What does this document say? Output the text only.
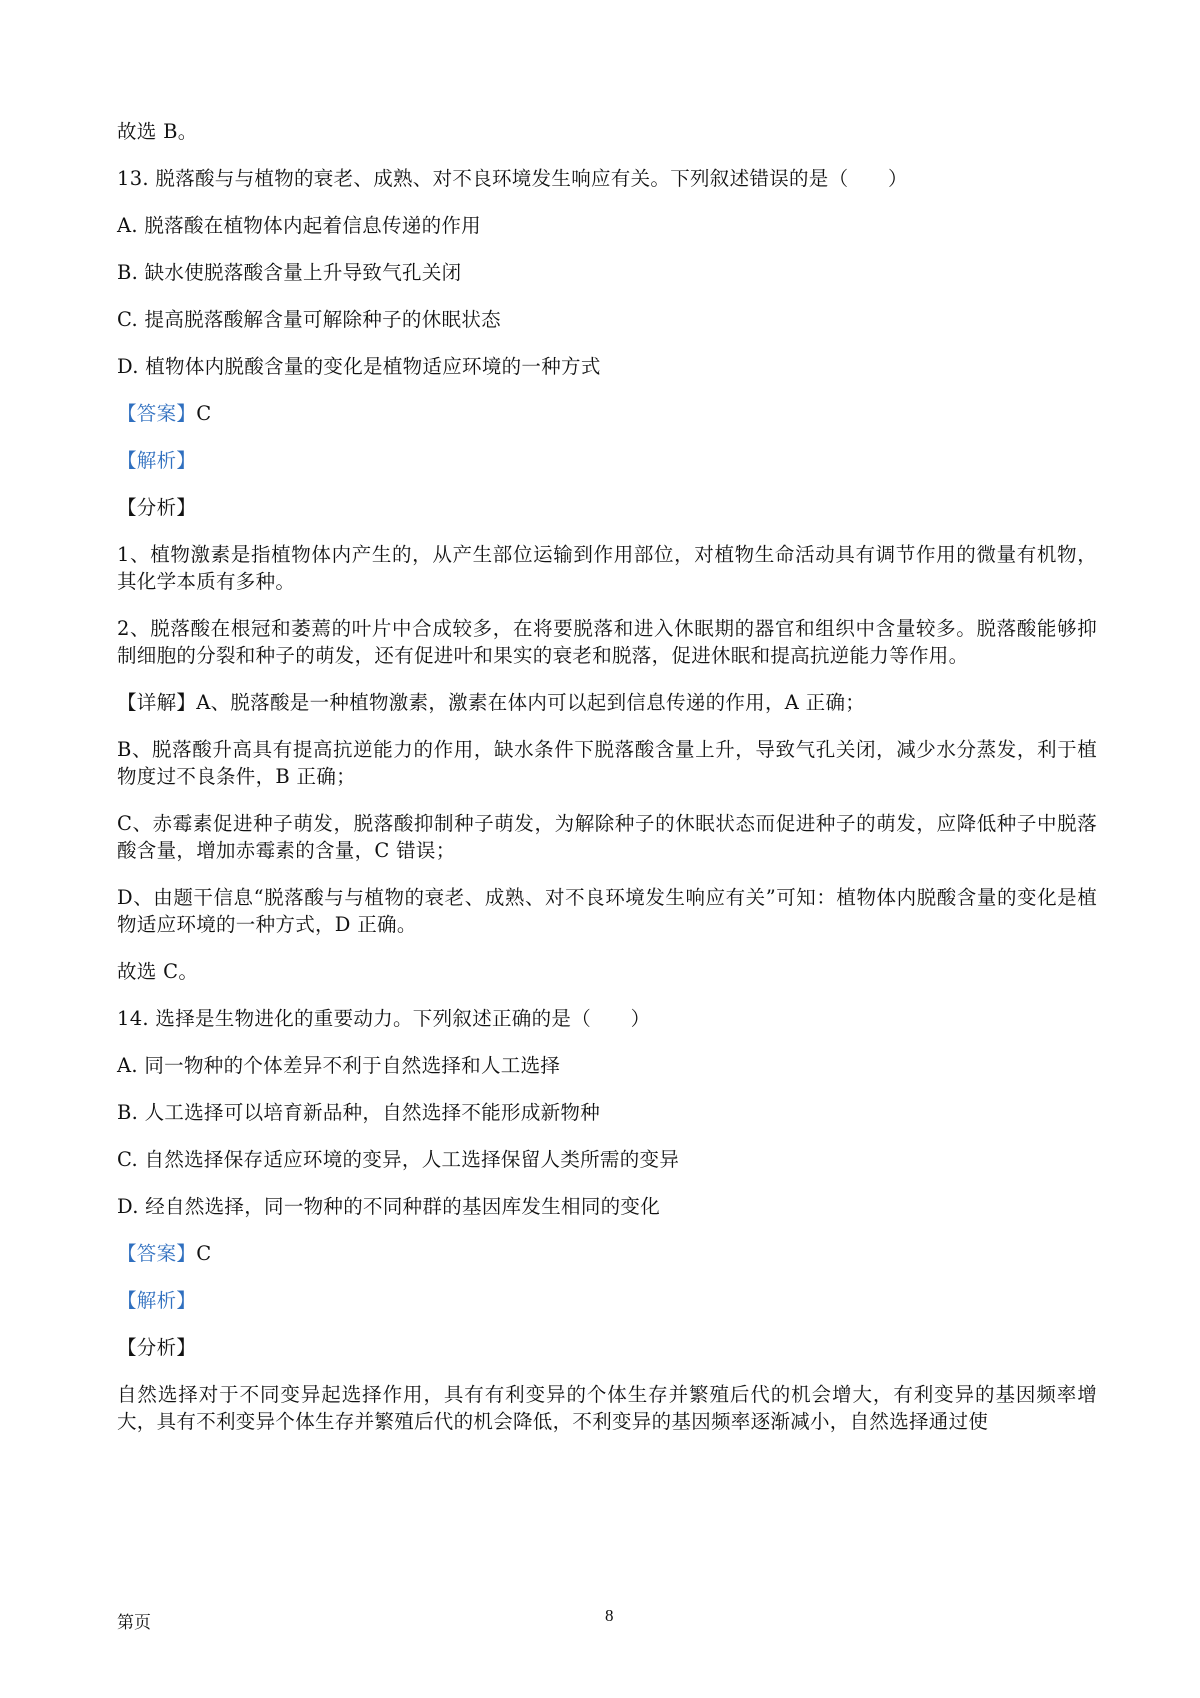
故选 B。
13. 脱落酸与与植物的衰老、成熟、对不良环境发生响应有关。下列叙述错误的是（　　）
A. 脱落酸在植物体内起着信息传递的作用
B. 缺水使脱落酸含量上升导致气孔关闭
C. 提高脱落酸解含量可解除种子的休眠状态
D. 植物体内脱酸含量的变化是植物适应环境的一种方式
【答案】C
【解析】
【分析】
1、植物激素是指植物体内产生的，从产生部位运输到作用部位，对植物生命活动具有调节作用的微量有机物，其化学本质有多种。
2、脱落酸在根冠和萎蔫的叶片中合成较多，在将要脱落和进入休眠期的器官和组织中含量较多。脱落酸能够抑制细胞的分裂和种子的萌发，还有促进叶和果实的衰老和脱落，促进休眠和提高抗逆能力等作用。
【详解】A、脱落酸是一种植物激素，激素在体内可以起到信息传递的作用，A 正确；
B、脱落酸升高具有提高抗逆能力的作用，缺水条件下脱落酸含量上升，导致气孔关闭，减少水分蒸发，利于植物度过不良条件，B 正确；
C、赤霉素促进种子萌发，脱落酸抑制种子萌发，为解除种子的休眠状态而促进种子的萌发，应降低种子中脱落酸含量，增加赤霉素的含量，C 错误；
D、由题干信息“脱落酸与与植物的衰老、成熟、对不良环境发生响应有关”可知：植物体内脱酸含量的变化是植物适应环境的一种方式，D 正确。
故选 C。
14. 选择是生物进化的重要动力。下列叙述正确的是（　　）
A. 同一物种的个体差异不利于自然选择和人工选择
B. 人工选择可以培育新品种，自然选择不能形成新物种
C. 自然选择保存适应环境的变异，人工选择保留人类所需的变异
D. 经自然选择，同一物种的不同种群的基因库发生相同的变化
【答案】C
【解析】
【分析】
自然选择对于不同变异起选择作用，具有有利变异的个体生存并繁殖后代的机会增大，有利变异的基因频率增大，具有不利变异个体生存并繁殖后代的机会降低，不利变异的基因频率逐渐减小，自然选择通过使
第页	8
